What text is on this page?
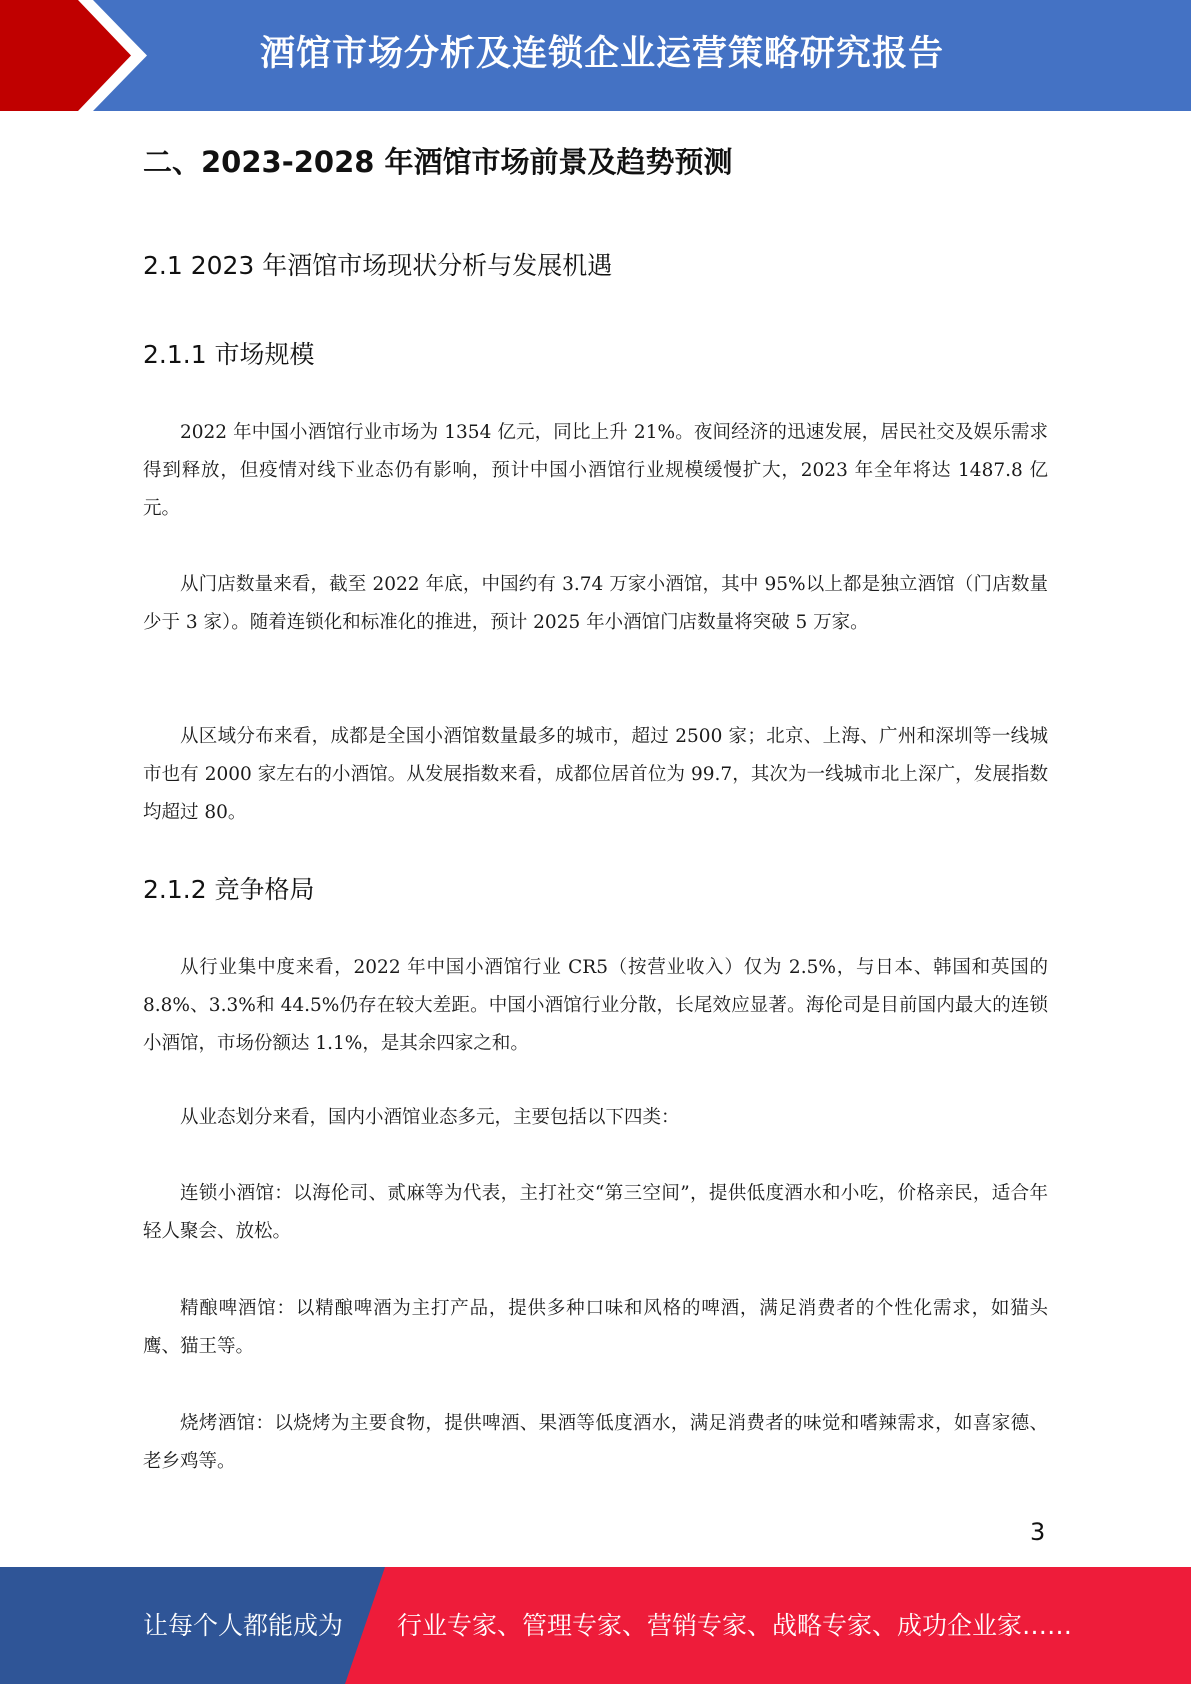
酒馆市场分析及连锁企业运营策略研究报告
二、2023-2028 年酒馆市场前景及趋势预测
2.1 2023 年酒馆市场现状分析与发展机遇
2.1.1 市场规模

2022 年中国小酒馆行业市场为 1354 亿元，同比上升 21%。夜间经济的迅速发展，居民社交及娱乐需求得到释放，但疫情对线下业态仍有影响，预计中国小酒馆行业规模缓慢扩大，2023 年全年将达 1487.8 亿元。

从门店数量来看，截至 2022 年底，中国约有 3.74 万家小酒馆，其中 95%以上都是独立酒馆（门店数量少于 3 家）。随着连锁化和标准化的推进，预计 2025 年小酒馆门店数量将突破 5 万家。

从区域分布来看，成都是全国小酒馆数量最多的城市，超过 2500 家；北京、上海、广州和深圳等一线城市也有 2000 家左右的小酒馆。从发展指数来看，成都位居首位为 99.7，其次为一线城市北上深广，发展指数均超过 80。

2.1.2 竞争格局

从行业集中度来看，2022 年中国小酒馆行业 CR5（按营业收入）仅为 2.5%，与日本、韩国和英国的 8.8%、3.3%和 44.5%仍存在较大差距。中国小酒馆行业分散，长尾效应显著。海伦司是目前国内最大的连锁小酒馆，市场份额达 1.1%，是其余四家之和。

从业态划分来看，国内小酒馆业态多元，主要包括以下四类：

连锁小酒馆：以海伦司、贰麻等为代表，主打社交“第三空间”，提供低度酒水和小吃，价格亲民，适合年轻人聚会、放松。

精酿啤酒馆：以精酿啤酒为主打产品，提供多种口味和风格的啤酒，满足消费者的个性化需求，如猫头鹰、猫王等。

烧烤酒馆：以烧烤为主要食物，提供啤酒、果酒等低度酒水，满足消费者的味觉和嗜辣需求，如喜家德、老乡鸡等。

3
让每个人都能成为 行业专家、管理专家、营销专家、战略专家、成功企业家……
